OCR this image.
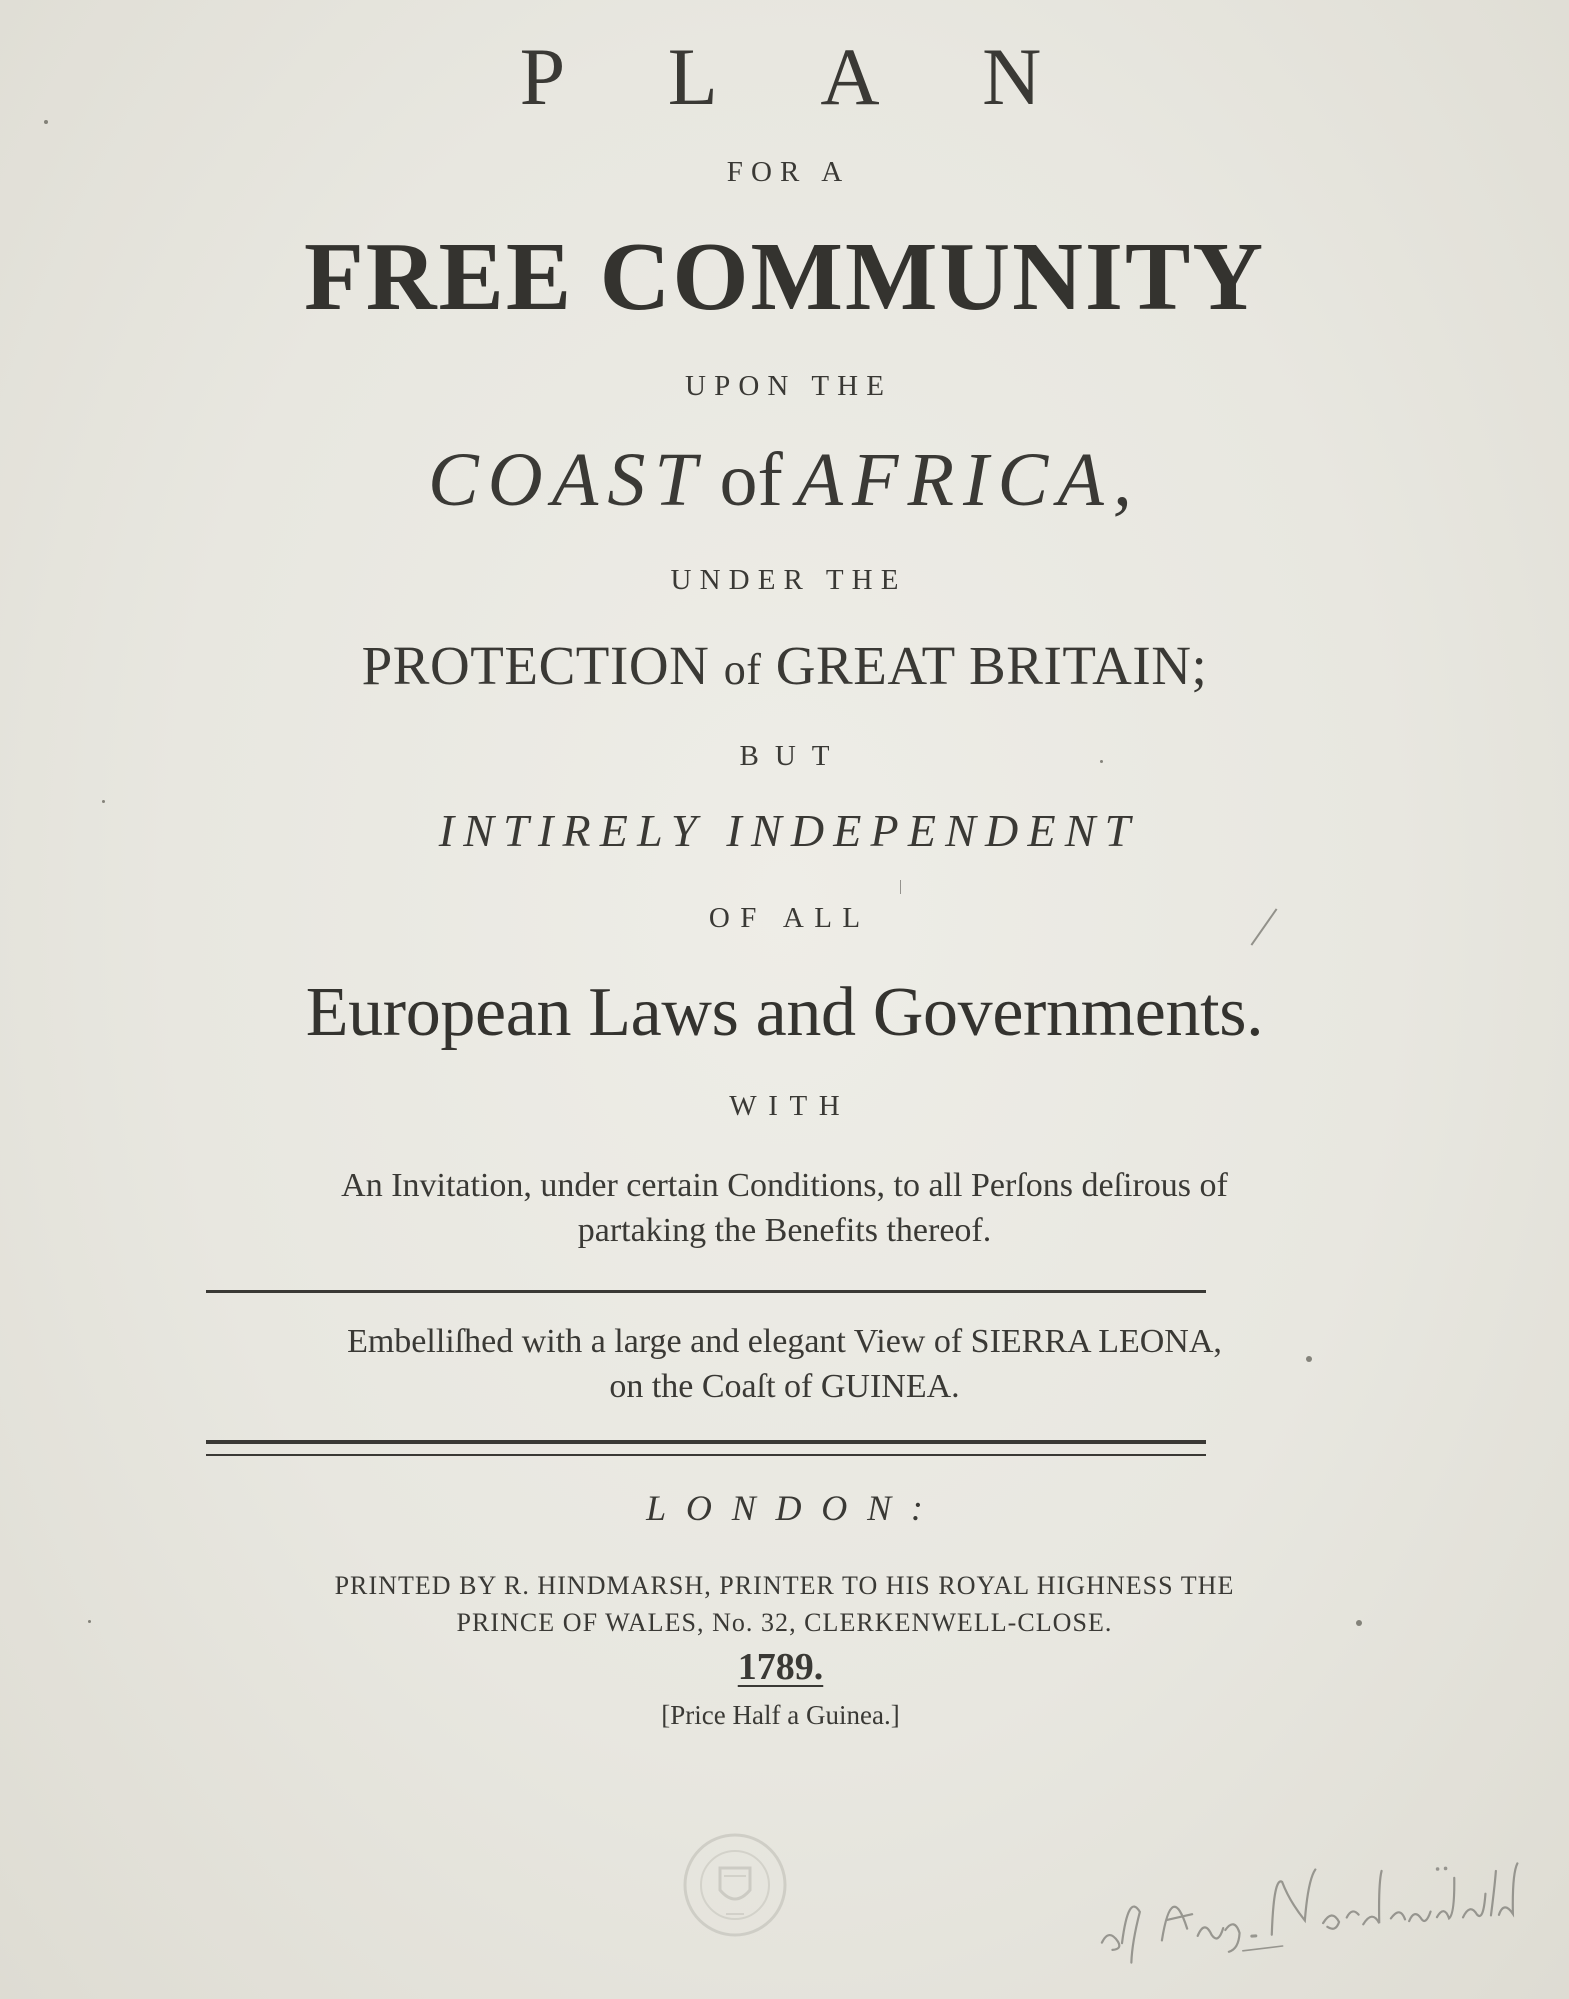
PLAN
FOR A
FREE COMMUNITY
UPON THE
COAST of AFRICA,
UNDER THE
PROTECTION of GREAT BRITAIN;
BUT
INTIRELY INDEPENDENT
OF ALL
European Laws and Governments.
WITH
An Invitation, under certain Conditions, to all Perſons deſirous of
partaking the Benefits thereof.
Embelliſhed with a large and elegant View of SIERRA LEONA,
on the Coaſt of GUINEA.
LONDON:
PRINTED BY R. HINDMARSH, PRINTER TO HIS ROYAL HIGHNESS THE
PRINCE OF WALES, No. 32, CLERKENWELL-CLOSE.
1789.
[Price Half a Guinea.]
af Aug. Nordenskjöld
